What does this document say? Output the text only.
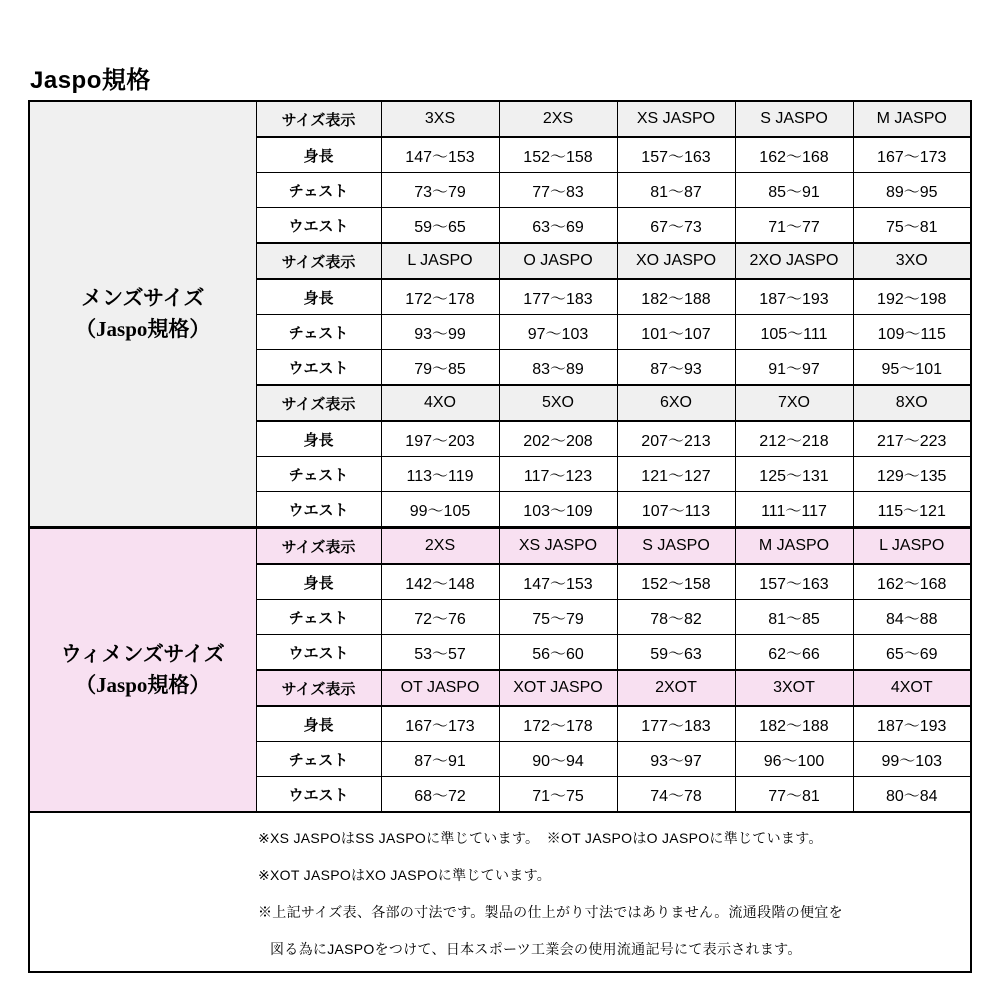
Jaspo規格
メンズサイズ
（Jaspo規格）	サイズ表示	3XS	2XS	XS JASPO	S JASPO	M JASPO
	身長	147〜153	152〜158	157〜163	162〜168	167〜173
	チェスト	73〜79	77〜83	81〜87	85〜91	89〜95
	ウエスト	59〜65	63〜69	67〜73	71〜77	75〜81
	サイズ表示	L JASPO	O JASPO	XO JASPO	2XO JASPO	3XO
	身長	172〜178	177〜183	182〜188	187〜193	192〜198
	チェスト	93〜99	97〜103	101〜107	105〜111	109〜115
	ウエスト	79〜85	83〜89	87〜93	91〜97	95〜101
	サイズ表示	4XO	5XO	6XO	7XO	8XO
	身長	197〜203	202〜208	207〜213	212〜218	217〜223
	チェスト	113〜119	117〜123	121〜127	125〜131	129〜135
	ウエスト	99〜105	103〜109	107〜113	111〜117	115〜121

ウィメンズサイズ
（Jaspo規格）	サイズ表示	2XS	XS JASPO	S JASPO	M JASPO	L JASPO
	身長	142〜148	147〜153	152〜158	157〜163	162〜168
	チェスト	72〜76	75〜79	78〜82	81〜85	84〜88
	ウエスト	53〜57	56〜60	59〜63	62〜66	65〜69
	サイズ表示	OT JASPO	XOT JASPO	2XOT	3XOT	4XOT
	身長	167〜173	172〜178	177〜183	182〜188	187〜193
	チェスト	87〜91	90〜94	93〜97	96〜100	99〜103
	ウエスト	68〜72	71〜75	74〜78	77〜81	80〜84

※XS JASPOはSS JASPOに準じています。　※OT JASPOはO JASPOに準じています。
※XOT JASPOはXO JASPOに準じています。
※上記サイズ表、各部の寸法です。製品の仕上がり寸法ではありません。流通段階の便宜を
図る為にJASPOをつけて、日本スポーツ工業会の使用流通記号にて表示されます。						
